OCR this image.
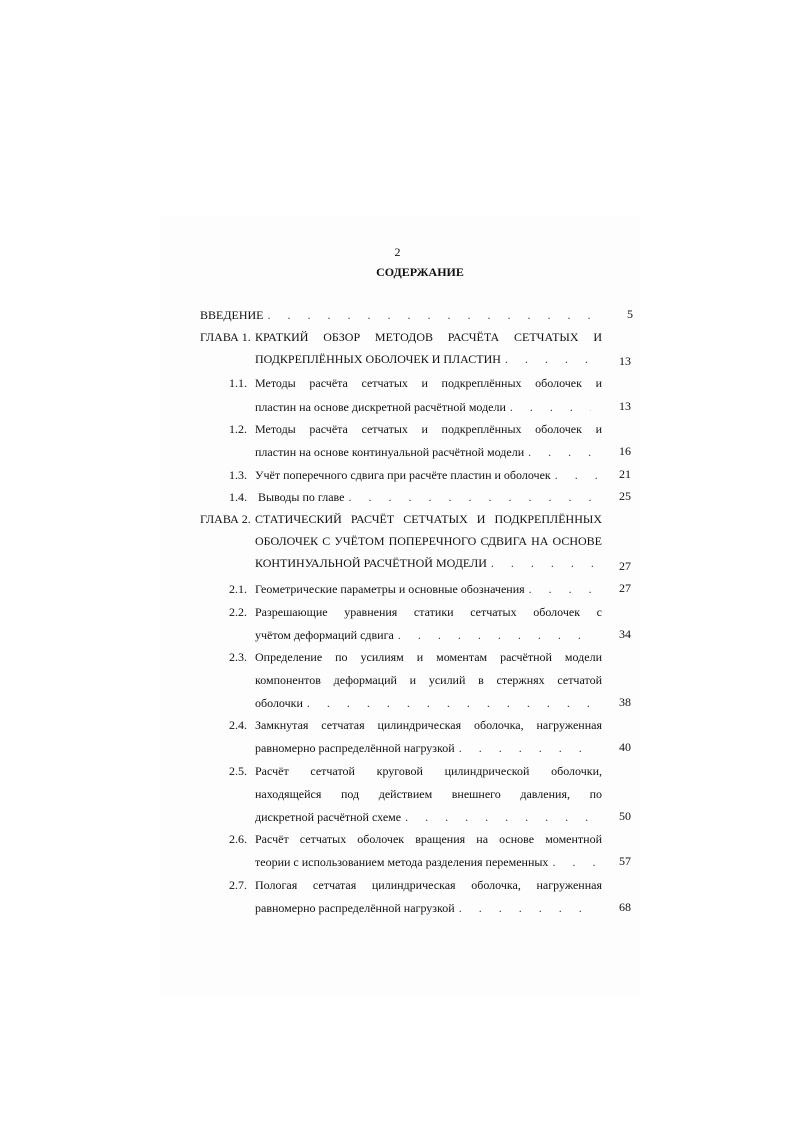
2
СОДЕРЖАНИЕ
ВВЕДЕНИЕ . . .	5
ГЛАВА 1. КРАТКИЙ ОБЗОР МЕТОДОВ РАСЧЁТА СЕТЧАТЫХ И
ПОДКРЕПЛЁННЫХ ОБОЛОЧЕК И ПЛАСТИН . . .	13
1.1. Методы расчёта сетчатых и подкреплённых оболочек и
пластин на основе дискретной расчётной модели . . .	13
1.2. Методы расчёта сетчатых и подкреплённых оболочек и
пластин на основе континуальной расчётной модели . . .	16
1.3. Учёт поперечного сдвига при расчёте пластин и оболочек . . .	21
1.4. Выводы по главе . . .	25
ГЛАВА 2. СТАТИЧЕСКИЙ РАСЧЁТ СЕТЧАТЫХ И ПОДКРЕПЛЁННЫХ
ОБОЛОЧЕК С УЧЁТОМ ПОПЕРЕЧНОГО СДВИГА НА ОСНОВЕ
КОНТИНУАЛЬНОЙ РАСЧЁТНОЙ МОДЕЛИ . . .	27
2.1. Геометрические параметры и основные обозначения . . .	27
2.2. Разрешающие уравнения статики сетчатых оболочек с
учётом деформаций сдвига . . .	34
2.3. Определение по усилиям и моментам расчётной модели
компонентов деформаций и усилий в стержнях сетчатой
оболочки . . .	38
2.4. Замкнутая сетчатая цилиндрическая оболочка, нагруженная
равномерно распределённой нагрузкой . . .	40
2.5. Расчёт сетчатой круговой цилиндрической оболочки,
находящейся под действием внешнего давления, по
дискретной расчётной схеме . . .	50
2.6. Расчёт сетчатых оболочек вращения на основе моментной
теории с использованием метода разделения переменных . . .	57
2.7. Пологая сетчатая цилиндрическая оболочка, нагруженная
равномерно распределённой нагрузкой . . .	68
